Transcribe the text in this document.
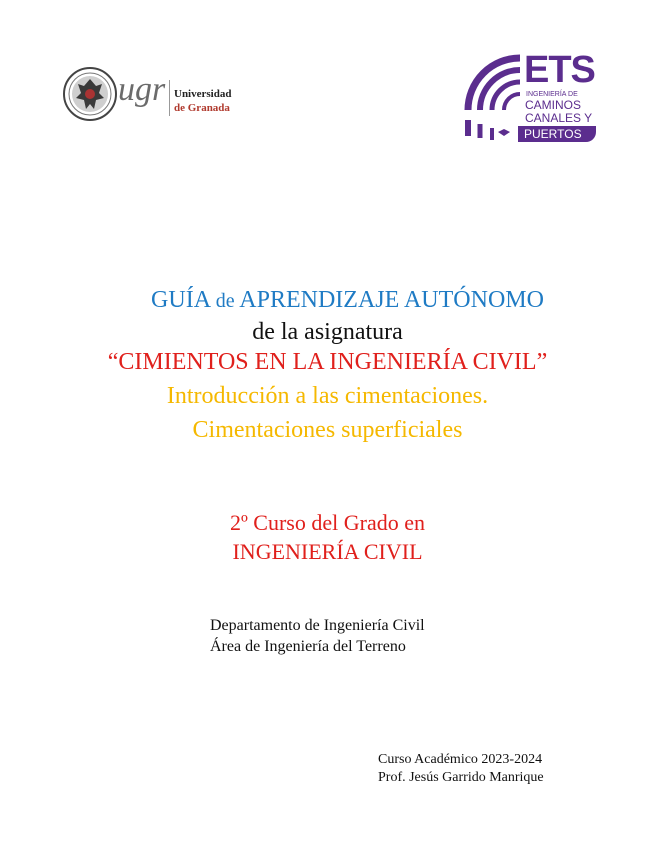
ugr Universidad
de Granada
ETS
INGENIERÍA DE
CAMINOS
CANALES Y
PUERTOS
GUÍA de APRENDIZAJE AUTÓNOMO
de la asignatura
“CIMIENTOS EN LA INGENIERÍA CIVIL”
Introducción a las cimentaciones.
Cimentaciones superficiales
2º Curso del Grado en
INGENIERÍA CIVIL
Departamento de Ingeniería Civil
Área de Ingeniería del Terreno
Curso Académico 2023-2024
Prof. Jesús Garrido Manrique
